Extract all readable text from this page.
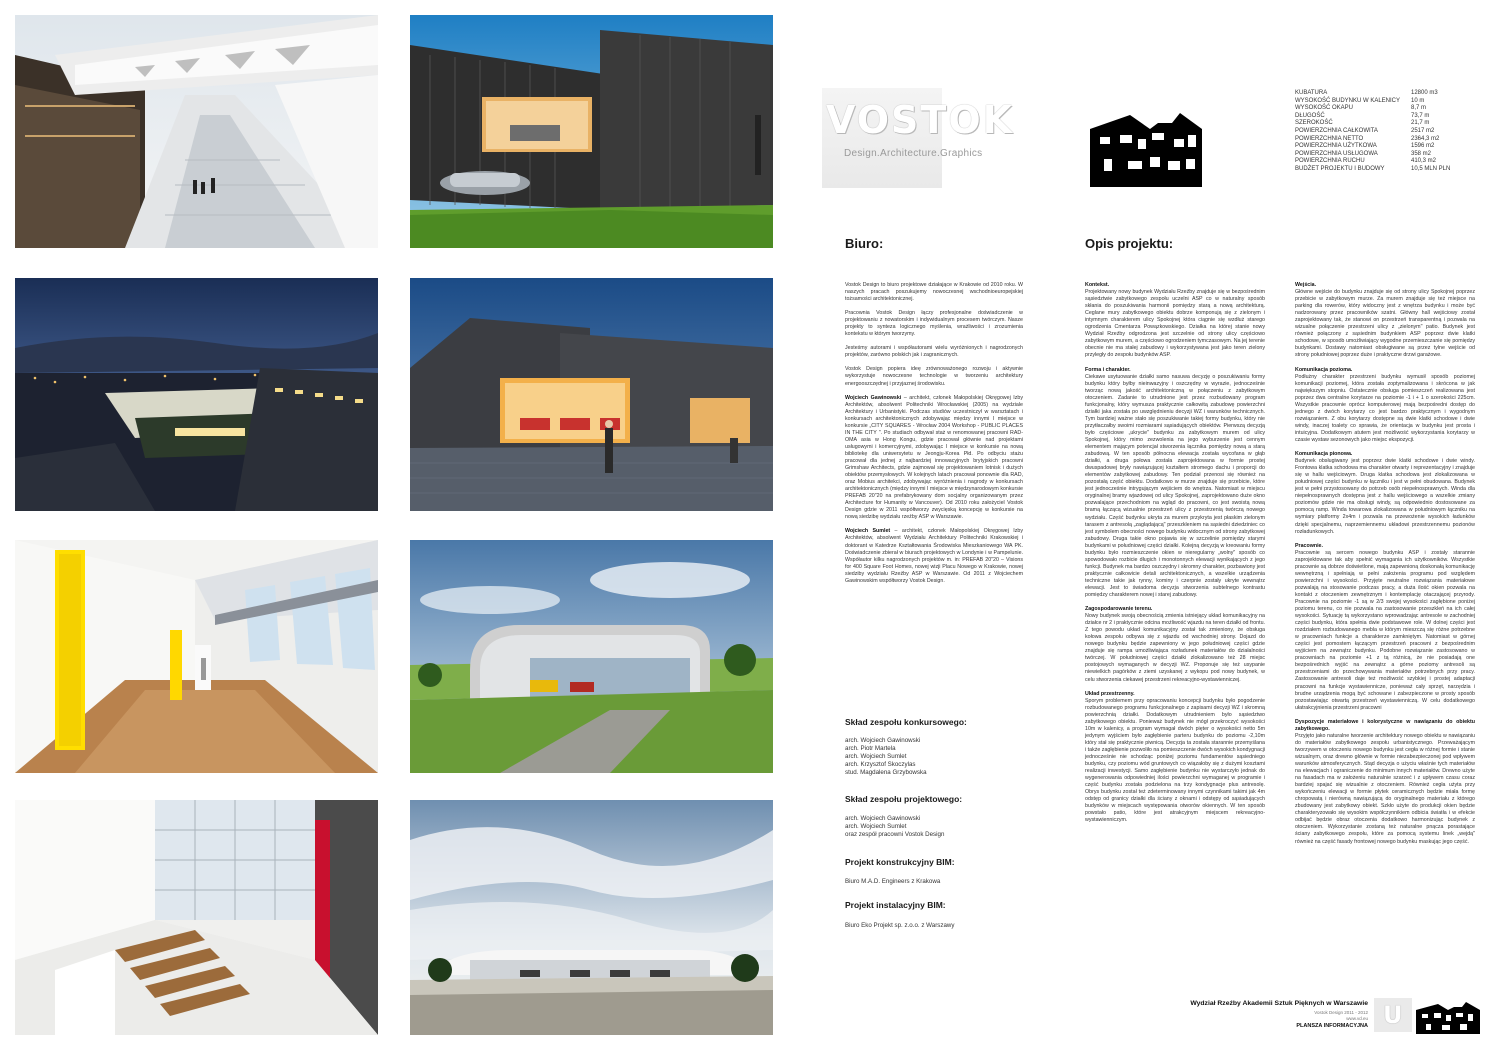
VOSTOK
Design.Architecture.Graphics
KUBATURA	12800 m3
WYSOKOŚĆ BUDYNKU W KALENICY	10 m
WYSOKOŚĆ OKAPU	8,7 m
DŁUGOŚĆ	73,7 m
SZEROKOŚĆ	21,7 m
POWIERZCHNIA CAŁKOWITA	2517 m2
POWIERZCHNIA NETTO	2364,3 m2
POWIERZCHNIA UŻYTKOWA	1596 m2
POWIERZCHNIA USŁUGOWA	358 m2
POWIERZCHNIA RUCHU	410,3 m2
BUDŻET PROJEKTU I BUDOWY	10,5 MLN PLN
Biuro:	Opis projektu:

Vostok Design to biuro projektowe działające w Krakowie od 2010 roku. W naszych pracach poszukujemy nowoczesnej wschodnioeuropejskiej tożsamości architektonicznej.

Pracownia Vostok Design łączy profesjonalne doświadczenie w projektowaniu z nowatorskim i indywidualnym procesem twórczym. Nasze projekty to synteza logicznego myślenia, wrażliwości i zrozumienia kontekstu w którym tworzymy.

Jesteśmy autorami i współautorami wielu wyróżnionych i nagrodzonych projektów, zarówno polskich jak i zagranicznych.

Vostok Design popiera ideę zrównoważonego rozwoju i aktywnie wykorzystuje nowoczesne technologie w tworzeniu architektury energooszczędnej i przyjaznej środowisku.

Wojciech Gawinowski – architekt, członek Małopolskiej Okręgowej Izby Architektów, absolwent Politechniki Wrocławskiej (2005) na wydziale Architektury i Urbanistyki. Podczas studiów uczestniczył w warsztatach i konkursach architektonicznych zdobywając między innymi I miejsce w konkursie „CITY SQUARES - Wrocław 2004 Workshop - PUBLIC PLACES IN THE CITY ". Po studiach odbywał staż w renomowanej pracowni RAD-OMA asia w Hong Kongu, gdzie pracował głównie nad projektami usługowymi i komercyjnymi, zdobywając I miejsce w konkursie na nową bibliotekę dla uniwersytetu w Jeongju-Korea Płd. Po odbyciu stażu pracował dla jednej z najbardziej innowacyjnych brytyjskich pracowni Grimshaw Architects, gdzie zajmował się projektowaniem lotnisk i dużych obiektów przemysłowych. W kolejnych latach pracował ponownie dla RAD, oraz Mobius architekci, zdobywając wyróżnienia i nagrody w konkursach architektonicznych (między innymi I miejsce w międzynarodowym konkursie PREFAB 20"20 na prefabrykowany dom socjalny organizowanym przez Architecture for Humanity w Vancouver). Od 2010 roku założyciel Vostok Design gdzie w 2011 współtworzy zwycięską koncepcję w konkursie na nową siedzibę wydziału rzeźby ASP w Warszawie.

Wojciech Sumlet – architekt, członek Małopolskiej Okręgowej Izby Architektów, absolwent Wydziału Architektury Politechniki Krakowskiej i doktorant w Katedrze Kształtowania Środowiska Mieszkaniowego WA PK. Doświadczenie zbierał w biurach projektowych w Londynie i w Pampelunie. Współautor kilku nagrodzonych projektów m. in: PREFAB 20"20 – Visions for 400 Square Foot Homes, nowej wizji Placu Nowego w Krakowie, nowej siedziby wydziału Rzeźby ASP w Warszawie. Od 2011 z Wojciechem Gawinowskim współtworzy Vostok Design.

Skład zespołu konkursowego:
arch. Wojciech Gawinowski
arch. Piotr Martela
arch. Wojciech Sumlet
arch. Krzysztof Skoczylas
stud. Magdalena Grzybowska
Skład zespołu projektowego:
arch. Wojciech Gawinowski
arch. Wojciech Sumlet
oraz zespół pracowni Vostok Design
Projekt konstrukcyjny BIM:
Biuro M.A.D. Engineers z Krakowa
Projekt instalacyjny BIM:
Biuro Eko Projekt sp. z.o.o. z Warszawy

Kontekst.
Projektowany nowy budynek Wydziału Rzeźby znajduje się w bezpośrednim sąsiedztwie zabytkowego zespołu uczelni ASP co w naturalny sposób skłania do poszukiwania harmonii pomiędzy starą a nową architekturą. Ceglane mury zabytkowego obiektu dobrze komponują się z zielonym i intymnym charakterem ulicy Spokojnej która ciągnie się wzdłuż starego ogrodzenia Cmentarza Powązkowskiego. Działka na której stanie nowy Wydział Rzeźby odgrodzona jest szczelnie od strony ulicy częściowo zabytkowym murem, a częściowo ogrodzeniem tymczasowym. Na jej terenie obecnie nie ma stałej zabudowy i wykorzystywana jest jako teren zielony przyległy do zespołu budynków ASP.

Forma i charakter.
Ciekawe usytuowanie działki samo nasuwa decyzję o poszukiwaniu formy budynku który byłby nieinwazyjny i oszczędny w wyrazie, jednocześnie tworząc nową jakość architektoniczną w połączeniu z zabytkowym otoczeniem. Zadanie to utrudnione jest przez rozbudowany program funkcjonalny, który wymusza praktycznie całkowitą zabudowę powierzchni działki jaka została po uwzględnieniu decyzji WZ i warunków technicznych. Tym bardziej ważne stało się poszukiwanie takiej formy budynku, który nie przytłaczałby swoimi rozmiarami sąsiadujących obiektów. Pierwszą decyzją było częściowe „ukrycie" budynku za zabytkowym murem od ulicy Spokojnej, który mimo zezwolenia na jego wyburzenie jest cennym elementem mającym potencjał stworzenia łącznika pomiędzy nową a starą zabudową. W ten sposób północna elewacja została wycofana w głąb działki, a druga połowa została zaprojektowana w formie prostej dwuspadowej bryły nawiązującej kształtem stromego dachu i proporcji do elementów zabytkowej zabudowy. Ten podział przenosi się również na pozostałą część obiektu. Dodatkowo w murze znajduje się przebicie, które jest jednocześnie intrygującym wejściem do wnętrza. Natomiast w miejscu oryginalnej bramy wjazdowej od ulicy Spokojnej, zaprojektowano duże okno pozwalające przechodniom na wgląd do pracowni, co jest swoistą nową bramą łączącą wizualnie przestrzeń ulicy z przestrzenią twórczą nowego wydziału. Część budynku ukryta za murem przykryta jest płaskim zielonym tarasem z antresolą „zaglądającą" przeszkleniem na sąsiedni dziedziniec co jest symbolem obecności nowego budynku widocznym od strony zabytkowej zabudowy. Druga takie okno pojawia się w szczelinie pomiędzy starymi budynkami w południowej części działki. Kolejną decyzją w kreowaniu formy budynku było rozmieszczenie okien w nieregularny „wolny" sposób co spowodowało rozbicie długich i monotonnych elewacji wynikających z jego funkcji. Budynek ma bardzo oszczędny i skromny charakter, pozbawiony jest praktycznie całkowicie detali architektonicznych, a wszelkie urządzenia techniczne takie jak rynny, kominy i czerpnie zostały ukryte wewnątrz elewacji. Jest to świadoma decyzja stworzenia subtelnego kontrastu pomiędzy charakterem nowej i starej zabudowy.

Zagospodarowanie terenu.
Nowy budynek swoją obecnością zmienia istniejący układ komunikacyjny na działce nr 2 i praktycznie odcina możliwość wjazdu na teren działki od frontu. Z tego powodu układ komunikacyjny został tak zmieniony, że obsługa kołowa zespołu odbywa się z wjazdu od wschodniej strony. Dojazd do nowego budynku będzie zapewniony w jego południowej części gdzie znajduje się rampa umożliwiająca rozładunek materiałów do działalności twórczej. W południowej części działki zlokalizowano też 28 miejsc postojowych wymaganych w decyzji WZ. Proponuje się też usypanie niewielkich pagórków z ziemi uzyskanej z wykopu pod nowy budynek, w celu stworzenia ciekawej przestrzeni rekreacyjno-wystawienniczej.

Układ przestrzenny.
Sporym problemem przy opracowaniu koncepcji budynku było pogodzenie rozbudowanego programu funkcjonalnego z zapisami decyzji WZ i skromną powierzchnią działki. Dodatkowym utrudnieniem było sąsiedztwo zabytkowego obiektu. Ponieważ budynek nie mógł przekroczyć wysokości 10m w kalenicy, a program wymagał dwóch pięter o wysokości netto 5m jedynym wyjściem było zagłębienie parteru budynku do poziomu -2,10m który stał się praktycznie piwnicą. Decyzja ta została starannie przemyślana i także zagłębienie pozwoliło na pomieszczenie dwóch wysokich kondygnacji jednocześnie nie schodząc poniżej poziomu fundamentów sąsiedniego budynku, czy poziomu wód gruntowych co wiązałoby się z dużymi kosztami realizacji inwestycji. Samo zagłębienie budynku nie wystarczyło jednak do wygenerowania odpowiedniej ilości powierzchni wymaganej w programie i część budynku została podzielona na trzy kondygnacje plus antresolę. Obrys budynku został też zdeterminowany innymi czynnikami takimi jak 4m odstęp od granicy działki dla ściany z oknami i odstępy od sąsiadujących budynków w miejscach występowania otworów okiennych. W ten sposób powstało patio, które jest atrakcyjnym miejscem rekreacyjno-wystawienniczym.

Wejścia.
Główne wejście do budynku znajduje się od strony ulicy Spokojnej poprzez przebicie w zabytkowym murze. Za murem znajduje się też miejsce na parking dla rowerów, który widoczny jest z wnętrza budynku i może być nadzorowany przez pracowników szatni. Główny hall wejściowy został zaprojektowany tak, że stanowi on przestrzeń transparentną i pozwala na wizualne połączenie przestrzeni ulicy z „zielonym" patio. Budynek jest również połączony z sąsiednim budynkiem ASP poprzez dwie klatki schodowe, w sposób umożliwiający wygodne przemieszczanie się pomiędzy budynkami. Dostawy natomiast obsługiwane są przez tylne wejście od strony południowej poprzez duże i praktyczne drzwi garażowe.

Komunikacja pozioma.
Podłużny charakter przestrzeni budynku wymusił sposób poziomej komunikacji poziomej, która została zoptymalizowana i skrócona w jak największym stopniu. Ostatecznie obsługa pomieszczeń realizowana jest poprzez dwa centralne korytarze na poziomie -1 i + 1 o szerokości 225cm. Wszystkie pracownie oprócz komputerowej mają bezpośredni dostęp do jednego z dwóch korytarzy co jest bardzo praktycznym i wygodnym rozwiązaniem. Z obu korytarzy dostępne są dwie klatki schodowe i dwie windy, inaczej toalety co sprawia, że orientacja w budynku jest prosta i intuicyjna. Dodatkowym atutem jest możliwość wykorzystania korytarzy w czasie wystaw sezonowych jako miejsc ekspozycji.

Komunikacja pionowa.
Budynek obsługiwany jest poprzez dwie klatki schodowe i dwie windy. Frontowa klatka schodowa ma charakter otwarty i reprezentacyjny i znajduje się w hallu wejściowym. Druga klatka schodowa jest zlokalizowana w południowej części budynku w łączniku i jest w pełni obudowana. Budynek jest w pełni przystosowany do potrzeb osób niepełnosprawnych. Winda dla niepełnosprawnych dostępna jest z hallu wejściowego a wszelkie zmiany poziomów gdzie nie ma obsługi windy, są odpowiednio dostosowane za pomocą ramp. Winda towarowa zlokalizowana w południowym łączniku na wymiary platformy 2x4m i pozwala na przewożenie wysokich ładunków dzięki specjalnemu, naprzemiennemu układowi przestrzennemu pozionów rozładunkowych.

Pracownie.
Pracownie są sercem nowego budynku ASP i zostały starannie zaprojektowane tak aby spełnić wymagania ich użytkowników. Wszystkie pracownie są dobrze doświetlone, mają zapewnioną doskonałą komunikację wewnętrzną i spełniają w pełni założenia programu pod względem powierzchni i wysokości. Przyjęte neutralne rozwiązania materiałowe pozwalają na stosowanie podczas pracy, a duża ilość okien pozwala na kontakt z otoczeniem zewnętrznym i kontemplację otaczającej przyrody. Pracownie na poziomie -1 są w 2/3 swojej wysokości zagłębione poniżej poziomu terenu, co nie pozwala na zastosowanie przeszkleń na ich całej wysokości. Sytuację tą wykorzystano wprowadzając antresole w zachodniej części budynku, która spełnia dwie podstawowe role. W dolnej części jest rozdziałem rozbudowanego mebla w którym mieszczą się różne potrzebne w pracowniach funkcje a charakterze zamkniętym. Natomiast w górnej części jest pomostem łączącym przestrzeń pracowni z bezpośrednim wyjściem na zewnątrz budynku. Podobne rozwiązanie zastosowano w pracowniach na poziomie +1 z tą różnicą, że nie posiadają one bezpośrednich wyjść na zewnątrz a górne poziomy antresoli są przestrzeniami do przechowywania materiałów potrzebnych przy pracy. Zastosowanie antresoli daje też możliwość szybkiej i prostej adaptacji pracowni na funkcje wystawiennicze, ponieważ cały sprzęt, narzędzia i brudne urządzenia mogą być schowane i zabezpieczone w prosty sposób pozostawiając otwartą przestrzeń wystawienniczą. W celu dodatkowego ułatrakcyjnienia przestrzeni pracowni

Dyspozycje materiałowe i kolorystyczne w nawiązaniu do obiektu zabytkowego.
Przyjęto jako naturalne tworzenie architektury nowego obiektu w nawiązaniu do materiałów zabytkowego zespołu urbanistycznego. Przeważającym tworzywem w otoczeniu nowego budynku jest cegła w różnej formie i stanie wizualnym, oraz drewno głównie w formie niezabezpieczonej pod wpływem warunków atmosferycznych. Stąd decyzja o użyciu właśnie tych materiałów na elewacjach i ograniczenie do minimum innych materiałów. Drewno użyte na fasadach ma w założeniu naturalnie szarzeć i z upływem czasu coraz bardziej spajać się wizualnie z otoczeniem. Również cegła użyta przy wykończeniu elewacji w formie płytek ceramicznych będzie miała formę chropowatą i nierówną nawiązującą do oryginalnego materiału z którego zbudowany jest zabytkowy obiekt. Szkło użyte do produkcji okien będzie charakteryzowało się wysokim współczynnikiem odbicia światła i w efekcie odbijać będzie obraz otoczenia dodatkowo harmonizując budynek z otoczeniem. Wykorzystanie zostaną też naturalne pnącza porastające ściany zabytkowego zespołu, które za pomocą systemu linek „wejdą" również na część fasady frontowej nowego budynku maskując jego część.

Wydział Rzeźby Akademii Sztuk Pięknych w Warszawie
Vostok Design 2011 - 2012
www.vd.eu
PLANSZA INFORMACYJNA U
